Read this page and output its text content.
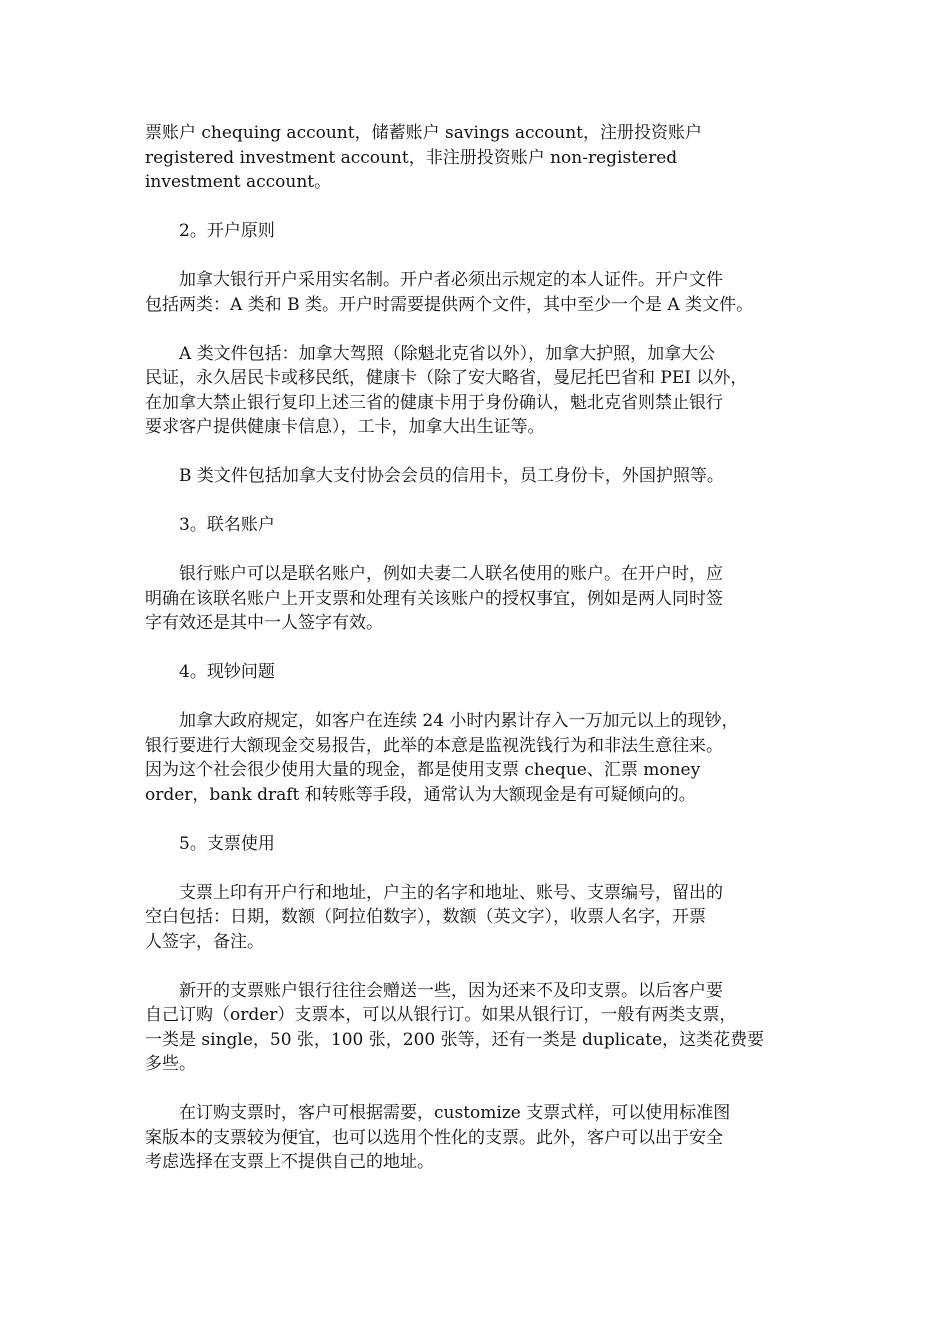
票账户 chequing account，储蓄账户 savings account，注册投资账户
registered investment account，非注册投资账户 non-registered
investment account。

2。开户原则

加拿大银行开户采用实名制。开户者必须出示规定的本人证件。开户文件
包括两类：A 类和 B 类。开户时需要提供两个文件，其中至少一个是 A 类文件。

A 类文件包括：加拿大驾照（除魁北克省以外），加拿大护照，加拿大公
民证，永久居民卡或移民纸，健康卡（除了安大略省，曼尼托巴省和 PEI 以外，
在加拿大禁止银行复印上述三省的健康卡用于身份确认，魁北克省则禁止银行
要求客户提供健康卡信息），工卡，加拿大出生证等。

B 类文件包括加拿大支付协会会员的信用卡，员工身份卡，外国护照等。

3。联名账户

银行账户可以是联名账户，例如夫妻二人联名使用的账户。在开户时，应
明确在该联名账户上开支票和处理有关该账户的授权事宜，例如是两人同时签
字有效还是其中一人签字有效。

4。现钞问题

加拿大政府规定，如客户在连续 24 小时内累计存入一万加元以上的现钞，
银行要进行大额现金交易报告，此举的本意是监视洗钱行为和非法生意往来。
因为这个社会很少使用大量的现金，都是使用支票 cheque、汇票 money
order，bank draft 和转账等手段，通常认为大额现金是有可疑倾向的。

5。支票使用

支票上印有开户行和地址，户主的名字和地址、账号、支票编号，留出的
空白包括：日期，数额（阿拉伯数字），数额（英文字），收票人名字，开票
人签字，备注。

新开的支票账户银行往往会赠送一些，因为还来不及印支票。以后客户要
自己订购（order）支票本，可以从银行订。如果从银行订，一般有两类支票，
一类是 single，50 张，100 张，200 张等，还有一类是 duplicate，这类花费要
多些。

在订购支票时，客户可根据需要，customize 支票式样，可以使用标准图
案版本的支票较为便宜，也可以选用个性化的支票。此外，客户可以出于安全
考虑选择在支票上不提供自己的地址。
